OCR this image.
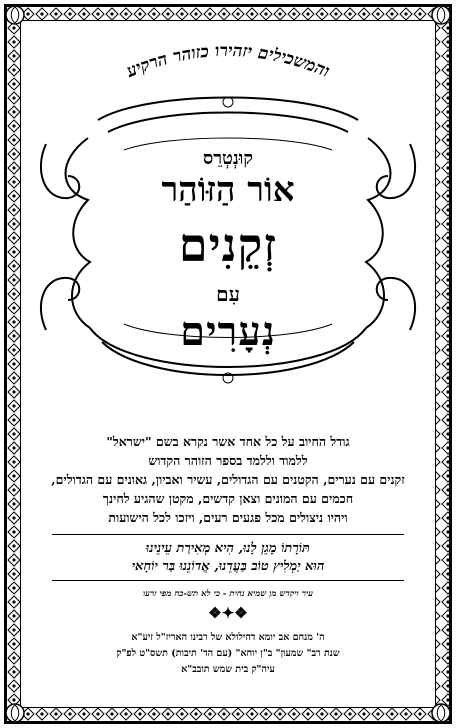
והמשכילים יזהירו כזוהר הרקיע
קוּנְטְרֵס
אוֹר הַזּוֹהַר
זְקֵנִים
עִם
נְעָרִים
גודל החיוב על כל אחד אשר נקרא בשם "ישראל"
ללמוד וללמד בספר הזוהר הקדוש
זקנים עם נערים, הקטנים עם הגדולים, עשיר ואביון, גאונים עם הגדולים,
חכמים עם המונים וצאן קדשים, מקטן שהגיע לחינך
ויהיו ניצולים מכל פגעים רעים, ויזכו לכל הישועות
תּוֹרָתוֹ מָגֵן לָנוּ, הִיא מְאִירַת עֵינֵינוּ
הוּא יַמְלִיץ טוֹב בַּעֲדֵנוּ, אֲדוֹנֵנוּ בַּר יוֹחָאי
עיר ויקדש מן שמיא נחית - כי לא תש-כח מפי זרעו
❖✦❖
ה' מנחם אב יומא דהילולא של רבינו האריז"ל זיע"א
שנת רב" שמעון" ב"ן יוחא" (עם הד' תיבות) תשס"ט לפ"ק
עיה"ק בית שמש תובב"א
